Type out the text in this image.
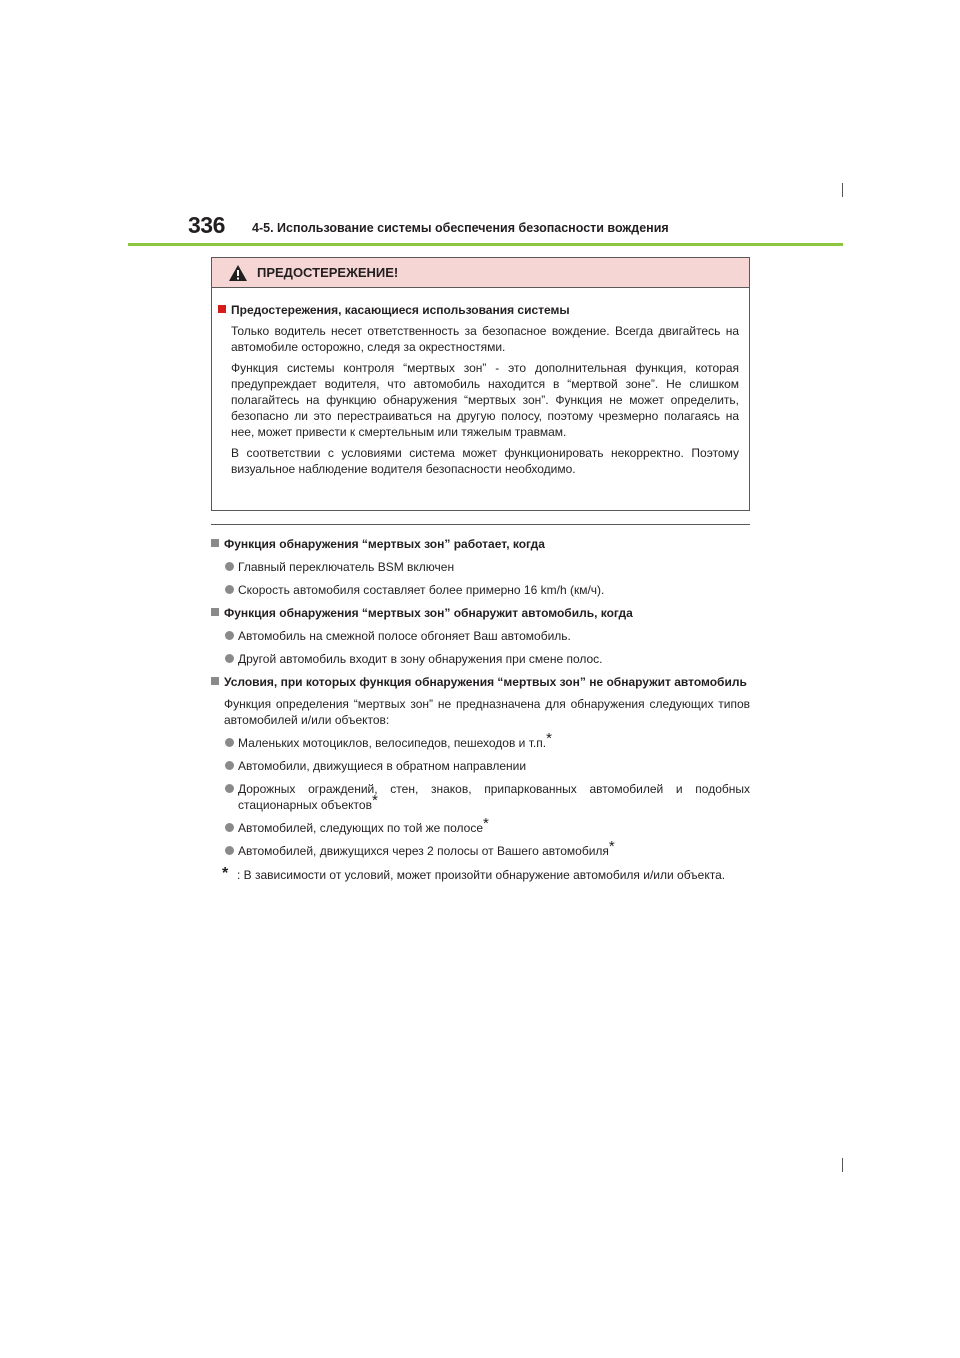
336 4-5. Использование системы обеспечения безопасности вождения
ПРЕДОСТЕРЕЖЕНИЕ!

Предостережения, касающиеся использования системы

Только водитель несет ответственность за безопасное вождение. Всегда двигайтесь на автомобиле осторожно, следя за окрестностями.

Функция системы контроля “мертвых зон” - это дополнительная функция, которая предупреждает водителя, что автомобиль находится в “мертвой зоне”. Не слишком полагайтесь на функцию обнаружения “мертвых зон”. Функция не может определить, безопасно ли это перестраиваться на другую полосу, поэтому чрезмерно полагаясь на нее, может привести к смертельным или тяжелым травмам.

В соответствии с условиями система может функционировать некорректно. Поэтому визуальное наблюдение водителя безопасности необходимо.

Функция обнаружения “мертвых зон” работает, когда

Главный переключатель BSM включен
Скорость автомобиля составляет более примерно 16 km/h (км/ч).

Функция обнаружения “мертвых зон” обнаружит автомобиль, когда

Автомобиль на смежной полосе обгоняет Ваш автомобиль.
Другой автомобиль входит в зону обнаружения при смене полос.

Условия, при которых функция обнаружения “мертвых зон” не обнаружит автомобиль

Функция определения “мертвых зон” не предназначена для обнаружения следующих типов автомобилей и/или объектов:

Маленьких мотоциклов, велосипедов, пешеходов и т.п.*
Автомобили, движущиеся в обратном направлении
Дорожных ограждений, стен, знаков, припаркованных автомобилей и подобных стационарных объектов*
Автомобилей, следующих по той же полосе*
Автомобилей, движущихся через 2 полосы от Вашего автомобиля*
* : В зависимости от условий, может произойти обнаружение автомобиля и/или объекта.
